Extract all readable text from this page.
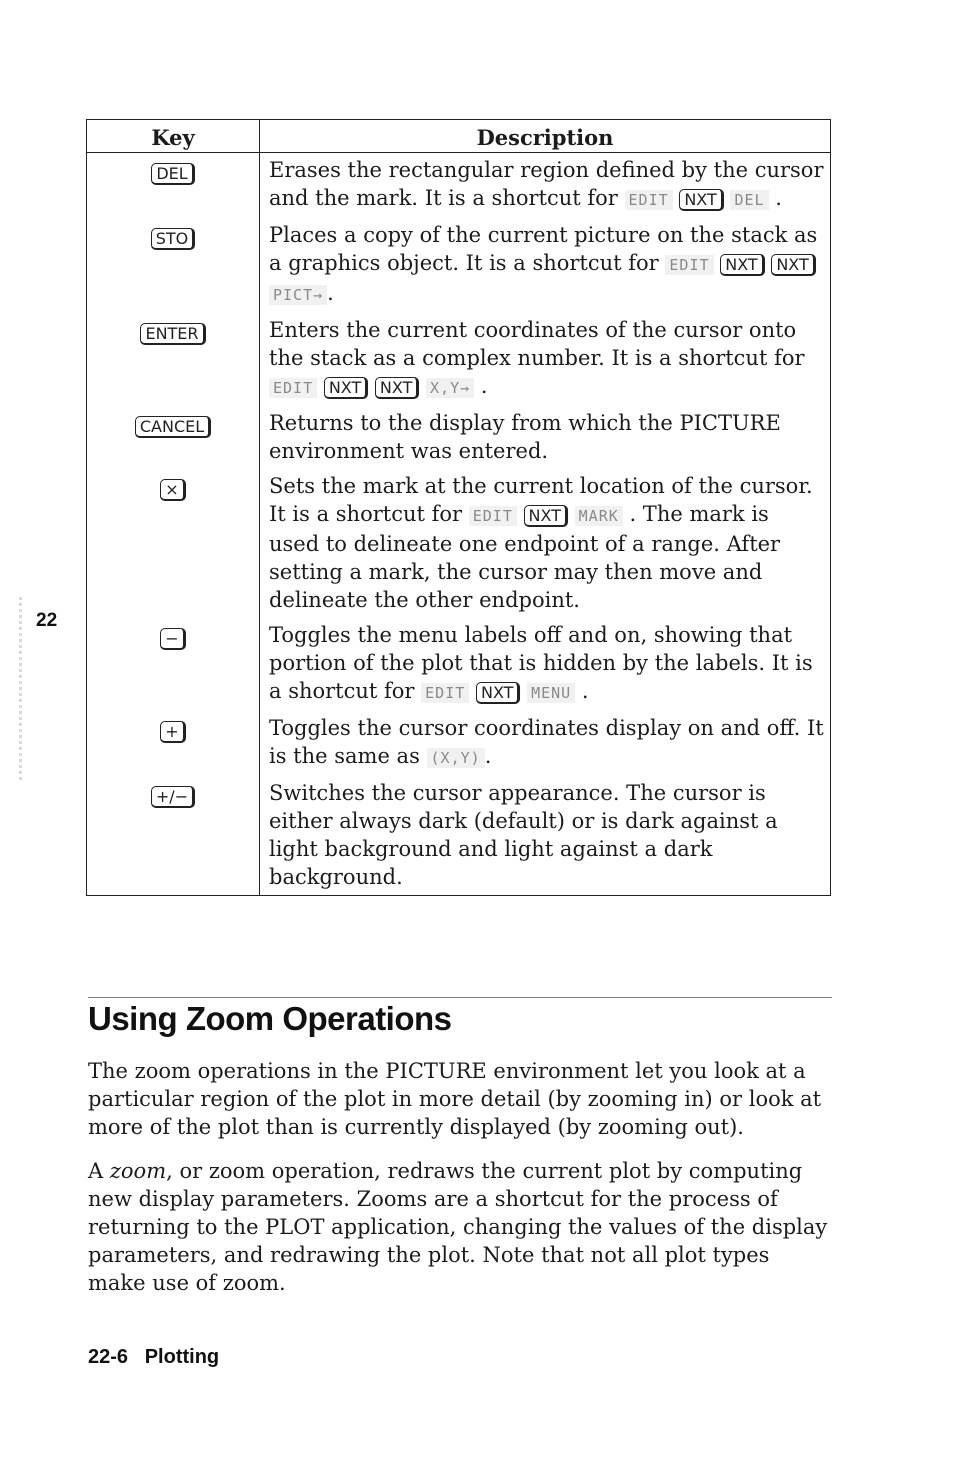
22
Key	Description
DEL	Erases the rectangular region defined by the cursor and the mark. It is a shortcut for EDIT NXT DEL .
STO	Places a copy of the current picture on the stack as a graphics object. It is a shortcut for EDIT NXT NXT PICT→ .
ENTER	Enters the current coordinates of the cursor onto the stack as a complex number. It is a shortcut for EDIT NXT NXT X,Y→ .
CANCEL	Returns to the display from which the PICTURE environment was entered.
×	Sets the mark at the current location of the cursor. It is a shortcut for EDIT NXT MARK . The mark is used to delineate one endpoint of a range. After setting a mark, the cursor may then move and delineate the other endpoint.
−	Toggles the menu labels off and on, showing that portion of the plot that is hidden by the labels. It is a shortcut for EDIT NXT MENU .
+	Toggles the cursor coordinates display on and off. It is the same as (X,Y) .
+/−	Switches the cursor appearance. The cursor is either always dark (default) or is dark against a light background and light against a dark background.
Using Zoom Operations

The zoom operations in the PICTURE environment let you look at a particular region of the plot in more detail (by zooming in) or look at more of the plot than is currently displayed (by zooming out).

A zoom, or zoom operation, redraws the current plot by computing new display parameters. Zooms are a shortcut for the process of returning to the PLOT application, changing the values of the display parameters, and redrawing the plot. Note that not all plot types make use of zoom.

22-6 Plotting
